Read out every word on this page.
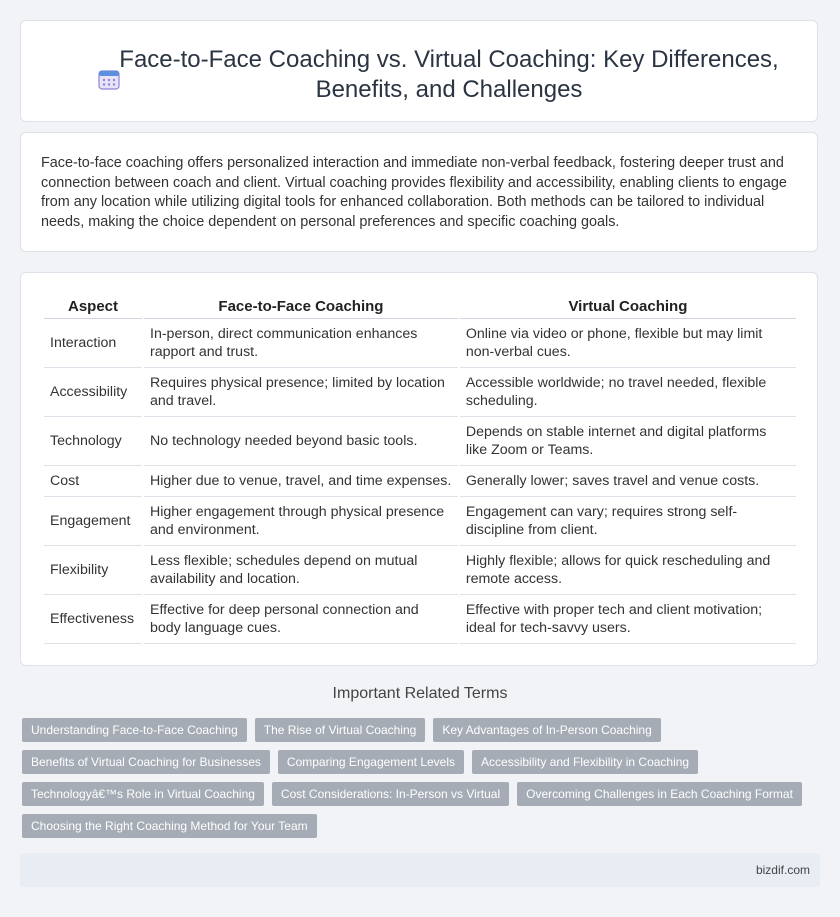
Face-to-Face Coaching vs. Virtual Coaching: Key Differences, Benefits, and Challenges

Face-to-face coaching offers personalized interaction and immediate non-verbal feedback, fostering deeper trust and connection between coach and client. Virtual coaching provides flexibility and accessibility, enabling clients to engage from any location while utilizing digital tools for enhanced collaboration. Both methods can be tailored to individual needs, making the choice dependent on personal preferences and specific coaching goals.

Aspect	Face-to-Face Coaching	Virtual Coaching
Interaction	In-person, direct communication enhances rapport and trust.	Online via video or phone, flexible but may limit non-verbal cues.
Accessibility	Requires physical presence; limited by location and travel.	Accessible worldwide; no travel needed, flexible scheduling.
Technology	No technology needed beyond basic tools.	Depends on stable internet and digital platforms like Zoom or Teams.
Cost	Higher due to venue, travel, and time expenses.	Generally lower; saves travel and venue costs.
Engagement	Higher engagement through physical presence and environment.	Engagement can vary; requires strong self-discipline from client.
Flexibility	Less flexible; schedules depend on mutual availability and location.	Highly flexible; allows for quick rescheduling and remote access.
Effectiveness	Effective for deep personal connection and body language cues.	Effective with proper tech and client motivation; ideal for tech-savvy users.
Important Related Terms
Understanding Face-to-Face Coaching	The Rise of Virtual Coaching	Key Advantages of In-Person Coaching
Benefits of Virtual Coaching for Businesses	Comparing Engagement Levels	Accessibility and Flexibility in Coaching
Technologyâ€™s Role in Virtual Coaching	Cost Considerations: In-Person vs Virtual	Overcoming Challenges in Each Coaching Format
Choosing the Right Coaching Method for Your Team
bizdif.com
